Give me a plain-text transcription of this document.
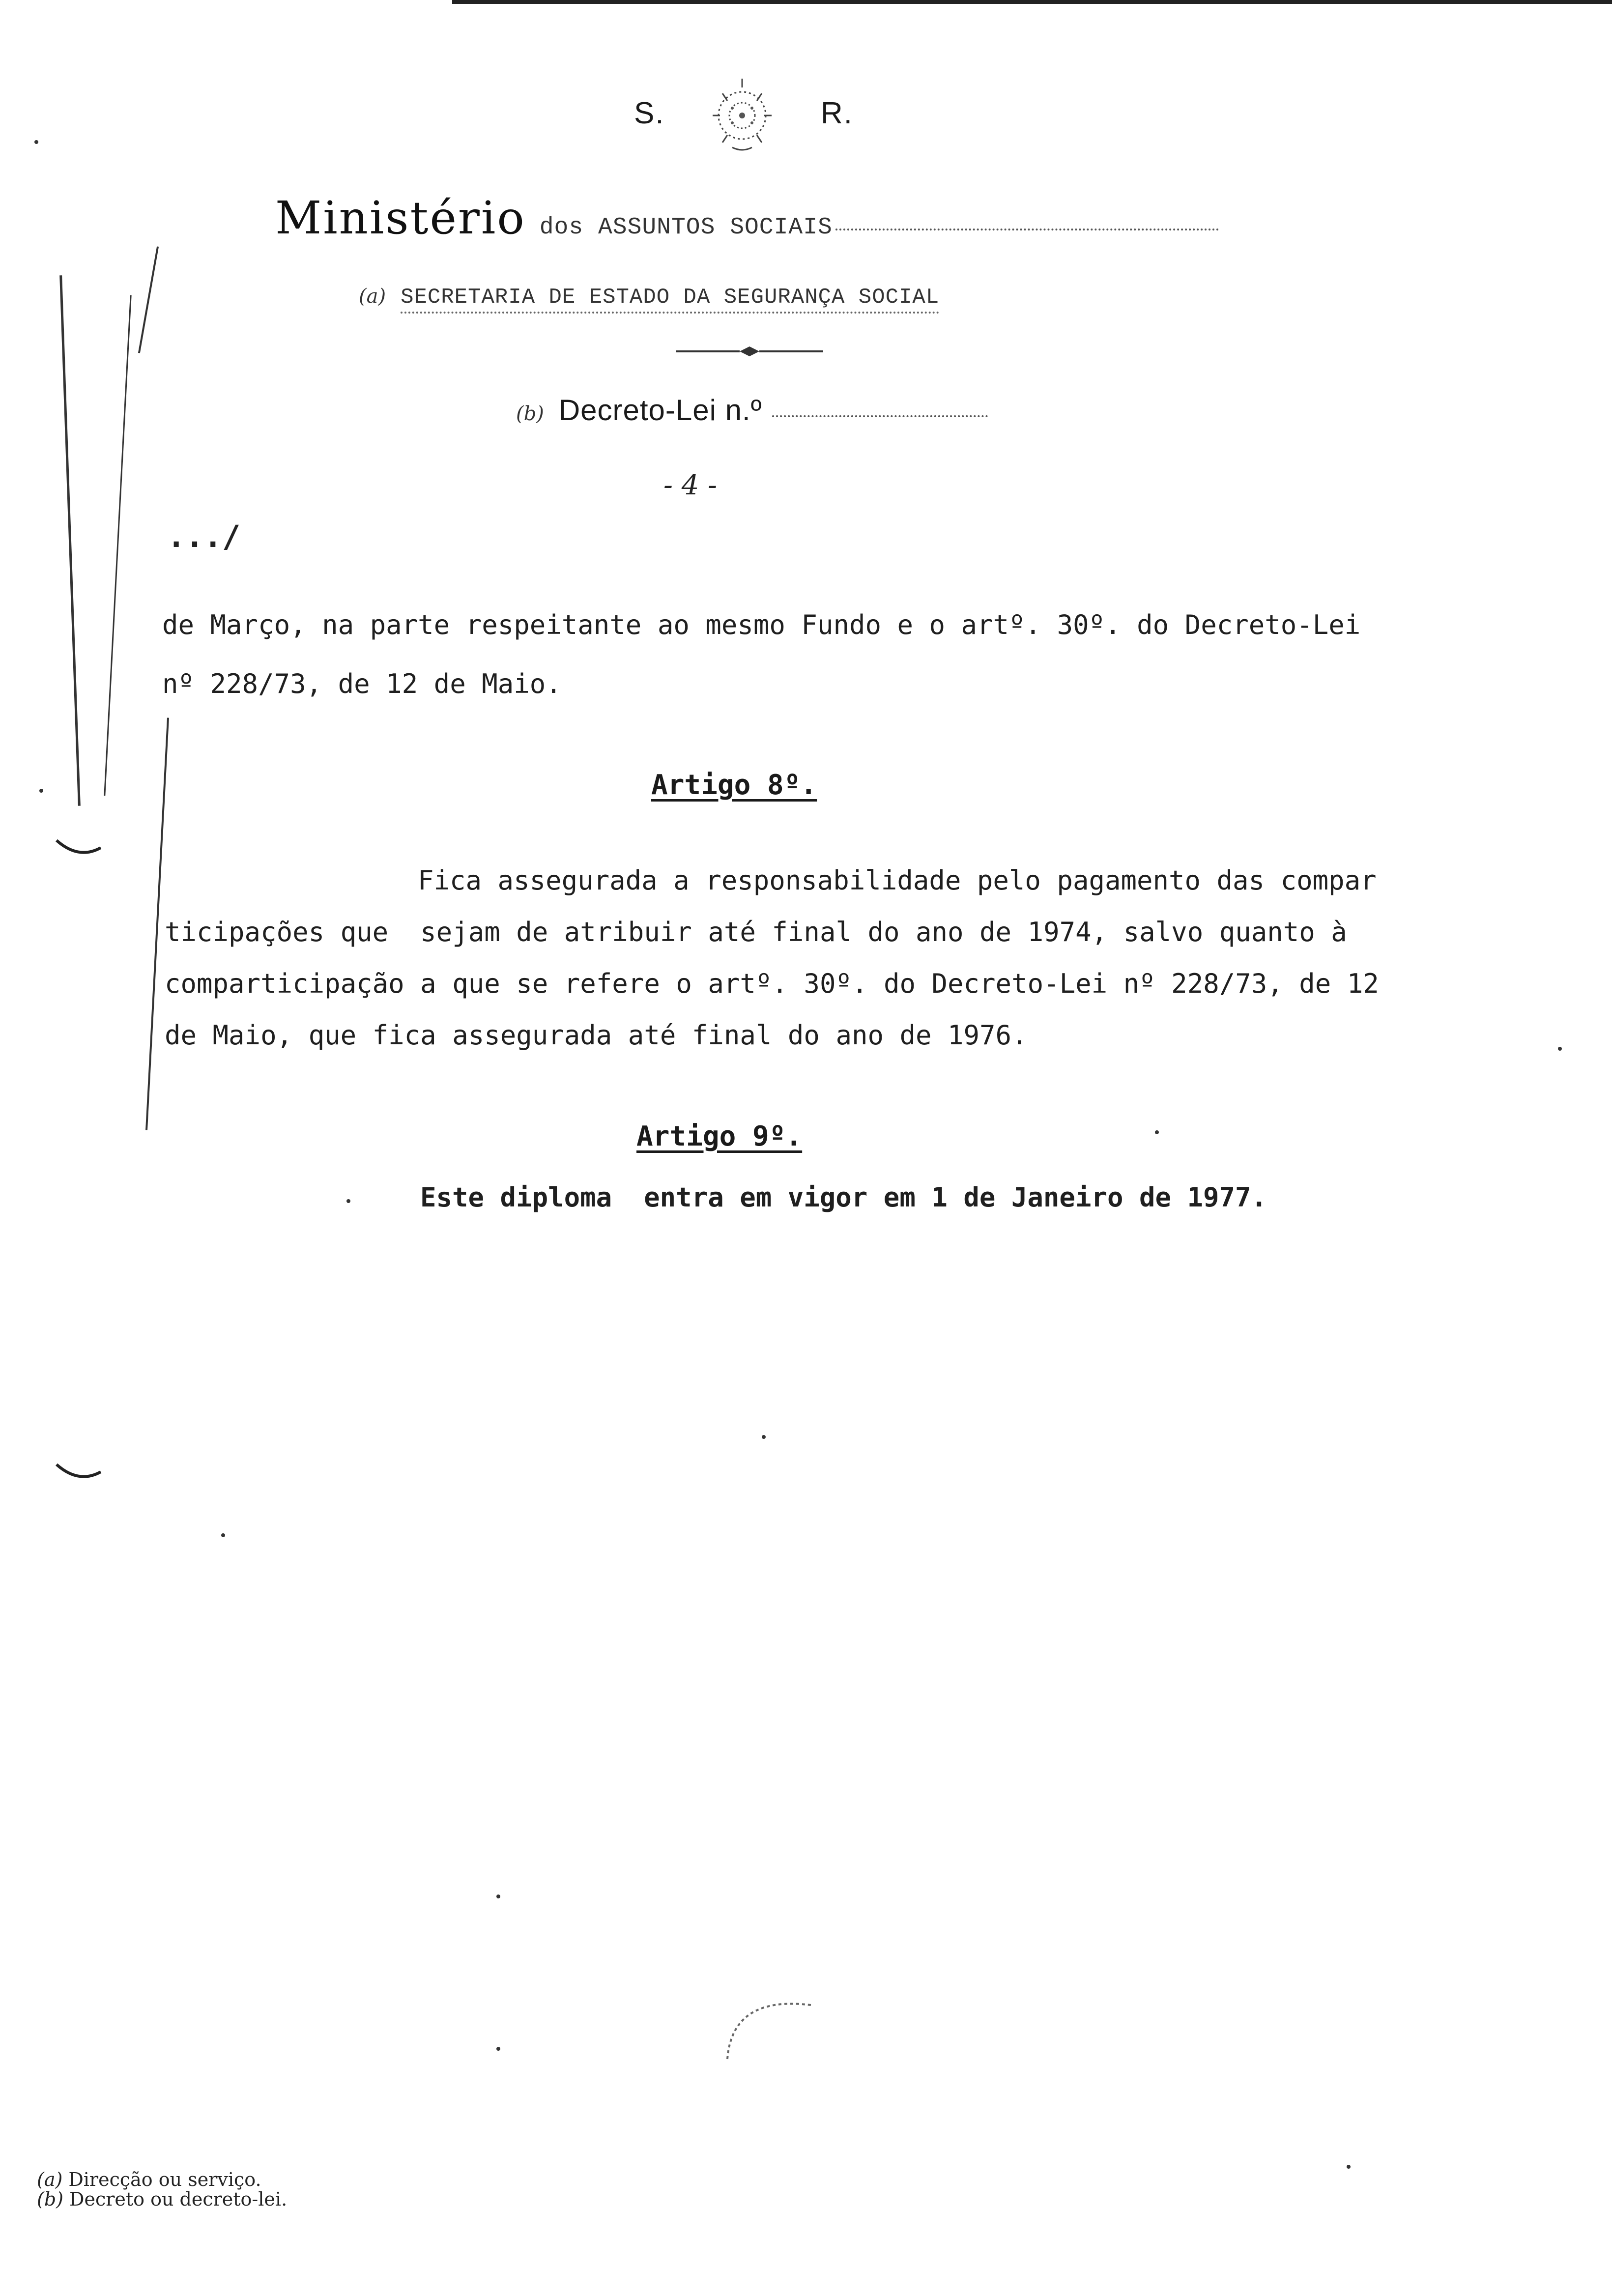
S.	R.
Ministério dos ASSUNTOS SOCIAIS
(a) SECRETARIA DE ESTADO DA SEGURANÇA SOCIAL
(b) Decreto-Lei n.º
- 4 -
.../
de Março, na parte respeitante ao mesmo Fundo e o artº. 30º. do Decreto-Lei
nº 228/73, de 12 de Maio.
Artigo 8º.
Fica assegurada a responsabilidade pelo pagamento das compar
ticipações que  sejam de atribuir até final do ano de 1974, salvo quanto à
comparticipação a que se refere o artº. 30º. do Decreto-Lei nº 228/73, de 12
de Maio, que fica assegurada até final do ano de 1976.
Artigo 9º.
Este diploma  entra em vigor em 1 de Janeiro de 1977.
(a) Direcção ou serviço.
(b) Decreto ou decreto-lei.
